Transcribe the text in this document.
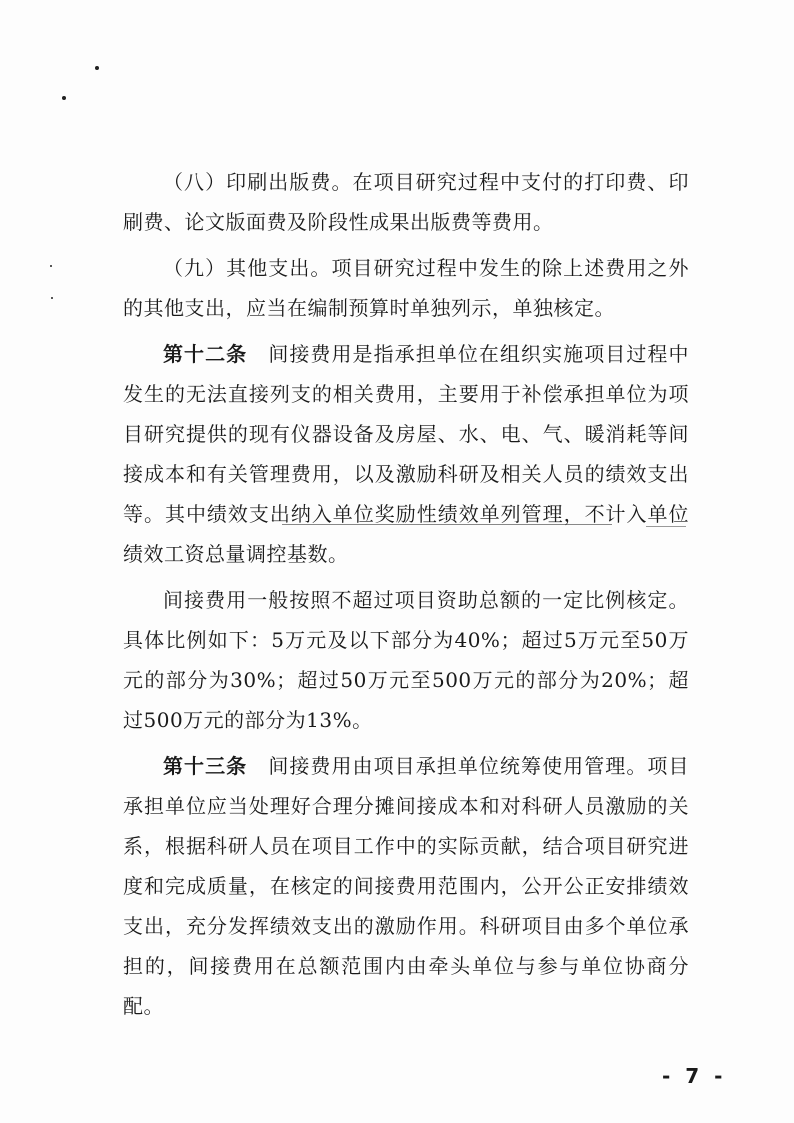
（八）印刷出版费。在项目研究过程中支付的打印费、印刷费、论文版面费及阶段性成果出版费等费用。

（九）其他支出。项目研究过程中发生的除上述费用之外的其他支出，应当在编制预算时单独列示，单独核定。

第十二条  间接费用是指承担单位在组织实施项目过程中发生的无法直接列支的相关费用，主要用于补偿承担单位为项目研究提供的现有仪器设备及房屋、水、电、气、暖消耗等间接成本和有关管理费用，以及激励科研及相关人员的绩效支出等。其中绩效支出纳入单位奖励性绩效单列管理，不计入单位绩效工资总量调控基数。

间接费用一般按照不超过项目资助总额的一定比例核定。具体比例如下：5万元及以下部分为40%；超过5万元至50万元的部分为30%；超过50万元至500万元的部分为20%；超过500万元的部分为13%。

第十三条  间接费用由项目承担单位统筹使用管理。项目承担单位应当处理好合理分摊间接成本和对科研人员激励的关系，根据科研人员在项目工作中的实际贡献，结合项目研究进度和完成质量，在核定的间接费用范围内，公开公正安排绩效支出，充分发挥绩效支出的激励作用。科研项目由多个单位承担的，间接费用在总额范围内由牵头单位与参与单位协商分配。

- 7 -
